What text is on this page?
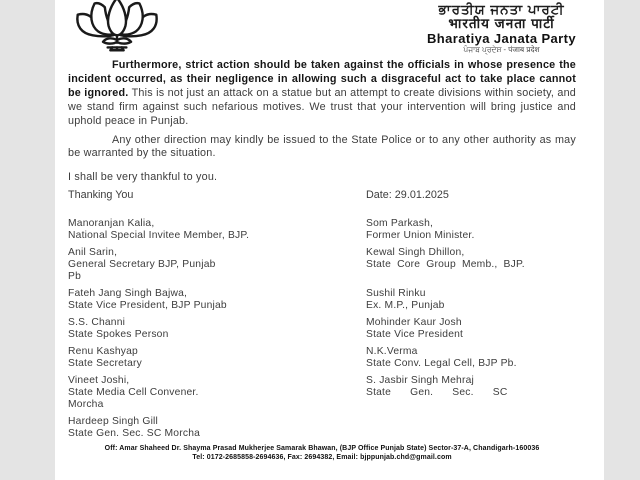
ਭਾਰਤੀਯ ਜਨਤਾ ਪਾਰਟੀ
भारतीय जनता पार्टी
Bharatiya Janata Party
ਪੰਜਾਬ ਪ੍ਰਦੇਸ਼ - पंजाब प्रदेश

Furthermore, strict action should be taken against the officials in whose presence the incident occurred, as their negligence in allowing such a disgraceful act to take place cannot be ignored. This is not just an attack on a statue but an attempt to create divisions within society, and we stand firm against such nefarious motives. We trust that your intervention will bring justice and uphold peace in Punjab.

Any other direction may kindly be issued to the State Police or to any other authority as may be warranted by the situation.

I shall be very thankful to you.

Thanking You	Date: 29.01.2025
Manoranjan Kalia,
National Special Invitee Member, BJP.
Som Parkash,
Former Union Minister.
Anil Sarin,
General Secretary BJP, Punjab
Pb
Kewal Singh Dhillon,
State Core Group Memb., BJP.
Fateh Jang Singh Bajwa,
State Vice President, BJP Punjab
Sushil Rinku
Ex. M.P., Punjab
S.S. Channi
State Spokes Person
Mohinder Kaur Josh
State Vice President
Renu Kashyap
State Secretary
N.K.Verma
State Conv. Legal Cell, BJP Pb.
Vineet Joshi,
State Media Cell Convener.
Morcha
S. Jasbir Singh Mehraj
State Gen. Sec. SC
Hardeep Singh Gill
State Gen. Sec. SC Morcha
Off: Amar Shaheed Dr. Shayma Prasad Mukherjee Samarak Bhawan, (BJP Office Punjab State) Sector-37-A, Chandigarh-160036
Tel: 0172-2685858-2694636, Fax: 2694382, Email: bjppunjab.chd@gmail.com
